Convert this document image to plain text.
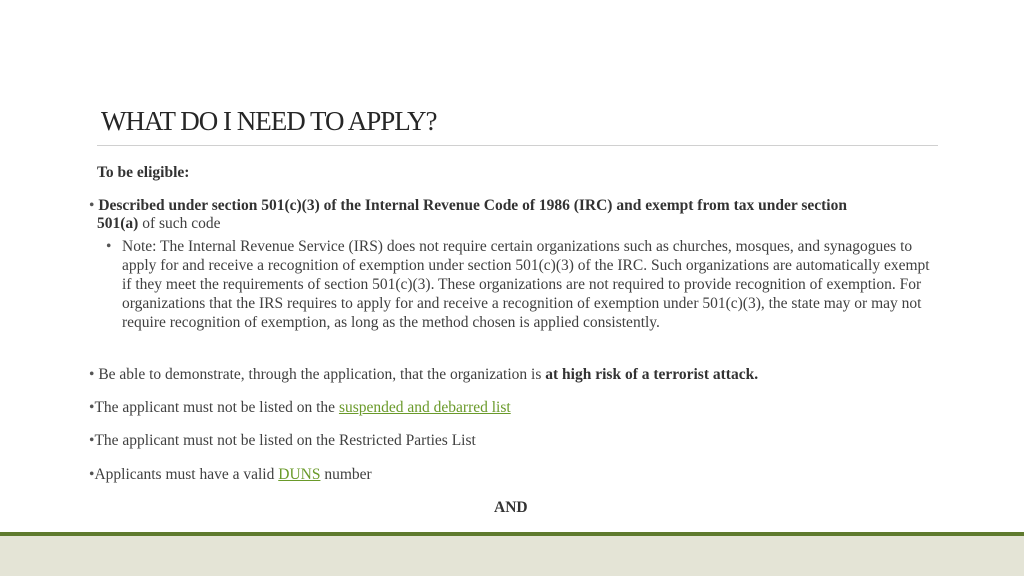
WHAT DO I NEED TO APPLY?
To be eligible:
• Described under section 501(c)(3) of the Internal Revenue Code of 1986 (IRC) and exempt from tax under section
501(a) of such code
• Note: The Internal Revenue Service (IRS) does not require certain organizations such as churches, mosques, and synagogues to apply for and receive a recognition of exemption under section 501(c)(3) of the IRC. Such organizations are automatically exempt if they meet the requirements of section 501(c)(3). These organizations are not required to provide recognition of exemption. For organizations that the IRS requires to apply for and receive a recognition of exemption under 501(c)(3), the state may or may not require recognition of exemption, as long as the method chosen is applied consistently.
• Be able to demonstrate, through the application, that the organization is at high risk of a terrorist attack.
•The applicant must not be listed on the suspended and debarred list
•The applicant must not be listed on the Restricted Parties List
•Applicants must have a valid DUNS number
AND
